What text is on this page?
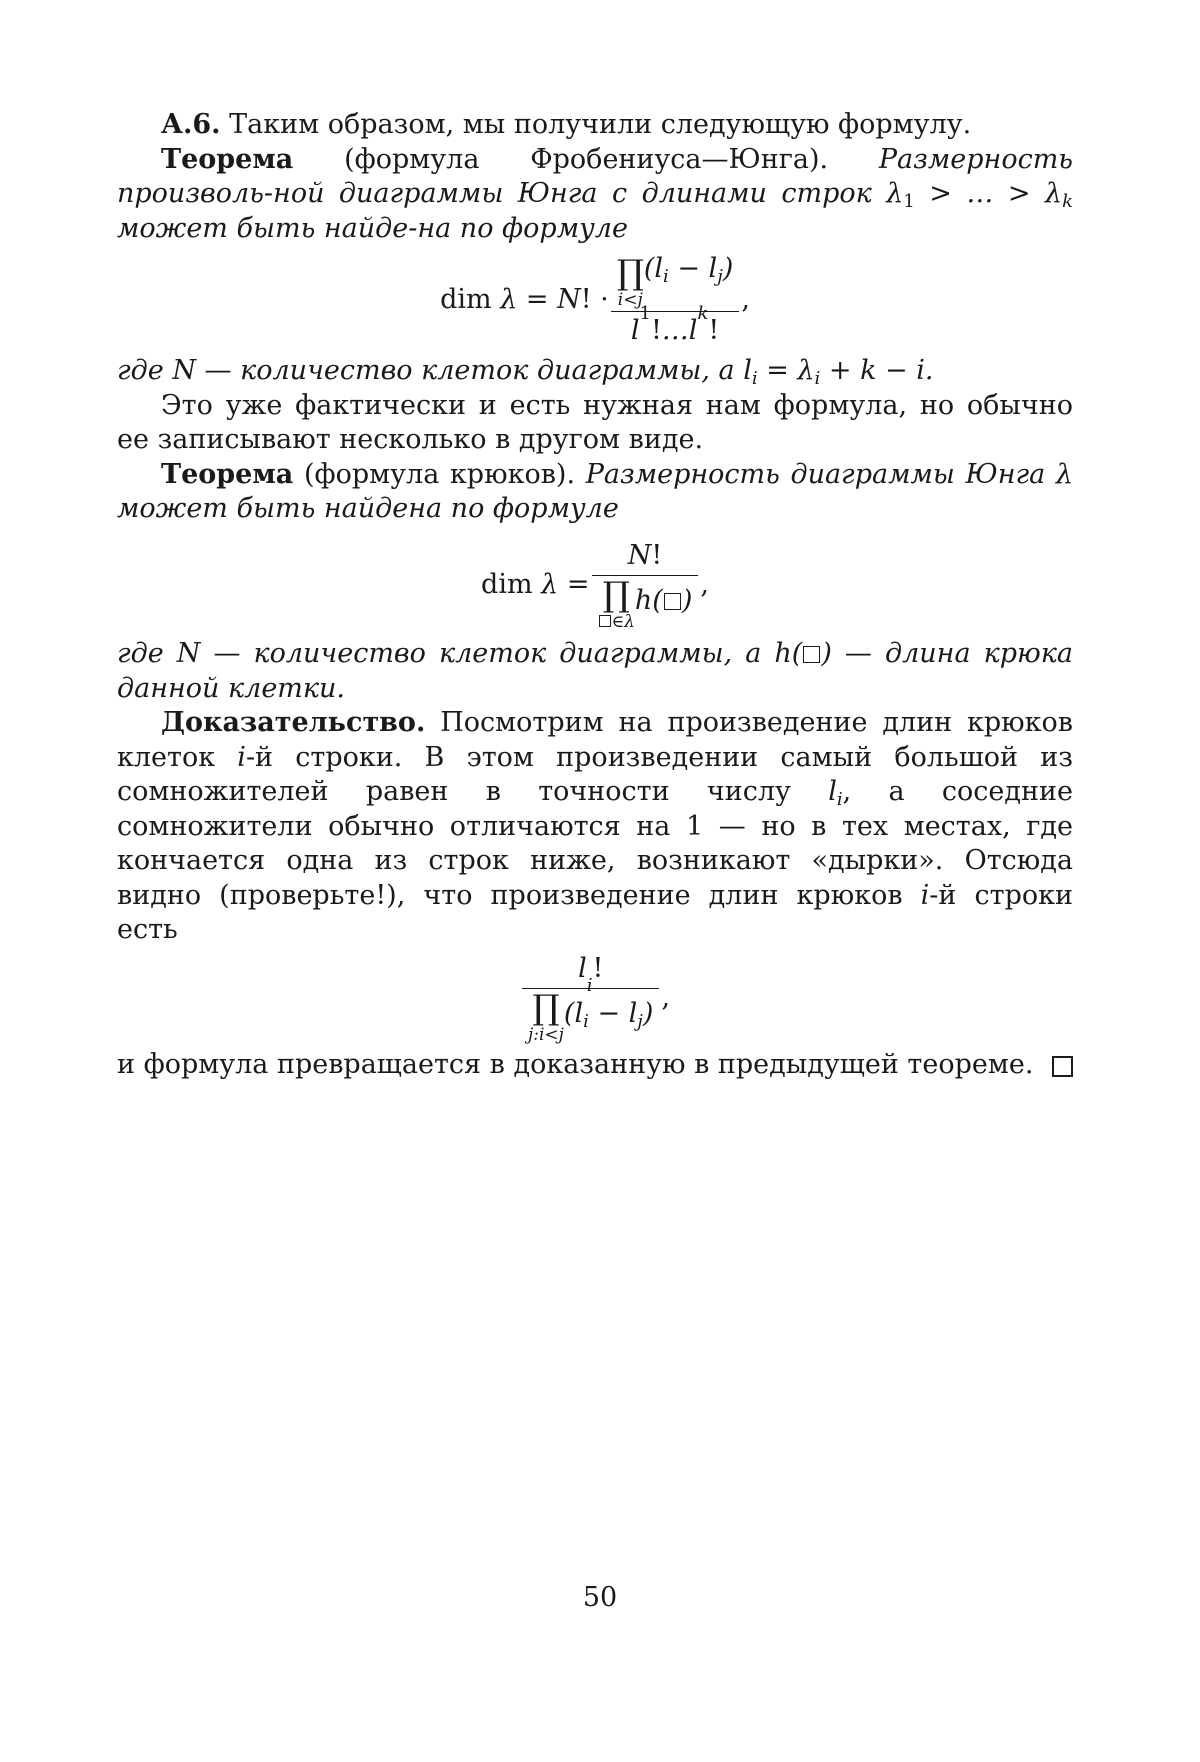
А.6. Таким образом, мы получили следующую формулу.

Теорема (формула Фробениуса—Юнга). Размерность произволь-ной диаграммы Юнга с длинами строк $\lambda_1$ > … > $\lambda_k$ может быть найде-на по формуле

dim λ = N! · ∏
i<j
$(l_i - l_j)$
l
1
! …l
k
! ,

где N — количество клеток диаграммы, а $l_i = \lambda_i + k - i$.

Это уже фактически и есть нужная нам формула, но обычно ее записывают несколько в другом виде.

Теорема (формула крюков). Размерность диаграммы Юнга λ может быть найдена по формуле

dim λ = N !
∏
∈λ
h( ) ,

где N — количество клеток диаграммы, а h( ) — длина крюка данной клетки.

Доказательство. Посмотрим на произведение длин крюков клеток i-й строки. В этом произведении самый большой из сомножителей равен в точности числу $l_i$, а соседние сомножители обычно отличаются на 1 — но в тех местах, где кончается одна из строк ниже, возникают «дырки». Отсюда видно (проверьте!), что произведение длин крюков i-й строки есть

l
i
!
∏
j:i<j
$(l_i - l_j)$ ,

и формула превращается в доказанную в предыдущей теореме.

50
